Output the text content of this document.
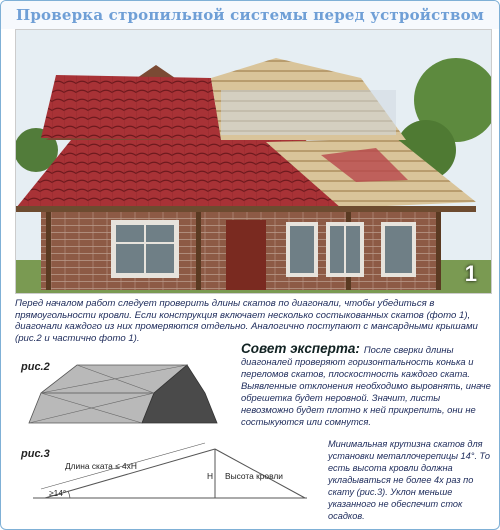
Проверка стропильной системы перед устройством
1
Перед началом работ следует проверить длины скатов по диагонали, чтобы убедиться в прямоугольности кровли. Если конструкция включает несколько состыкованных скатов (фото 1), диагонали каждого из них промеряются отдельно. Аналогично поступают с мансардными крышами (рис.2 и частично фото 1).
рис.2
рис.3
Длина ската ≤ 4хН
≥14°
Н Высота кровли
Совет эксперта: После сверки длины диагоналей проверяют горизонтальность конька и переломов скатов, плоскостность каждого ската. Выявленные отклонения необходимо выровнять, иначе обрешетка будет неровной. Значит, листы невозможно будет плотно к ней прикрепить, они не состыкуются или сомнутся.
Минимальная крутизна скатов для установки металлочерепицы 14°. То есть высота кровли должна укладываться не более 4х раз по скату (рис.3). Уклон меньше указанного не обеспечит сток осадков.
